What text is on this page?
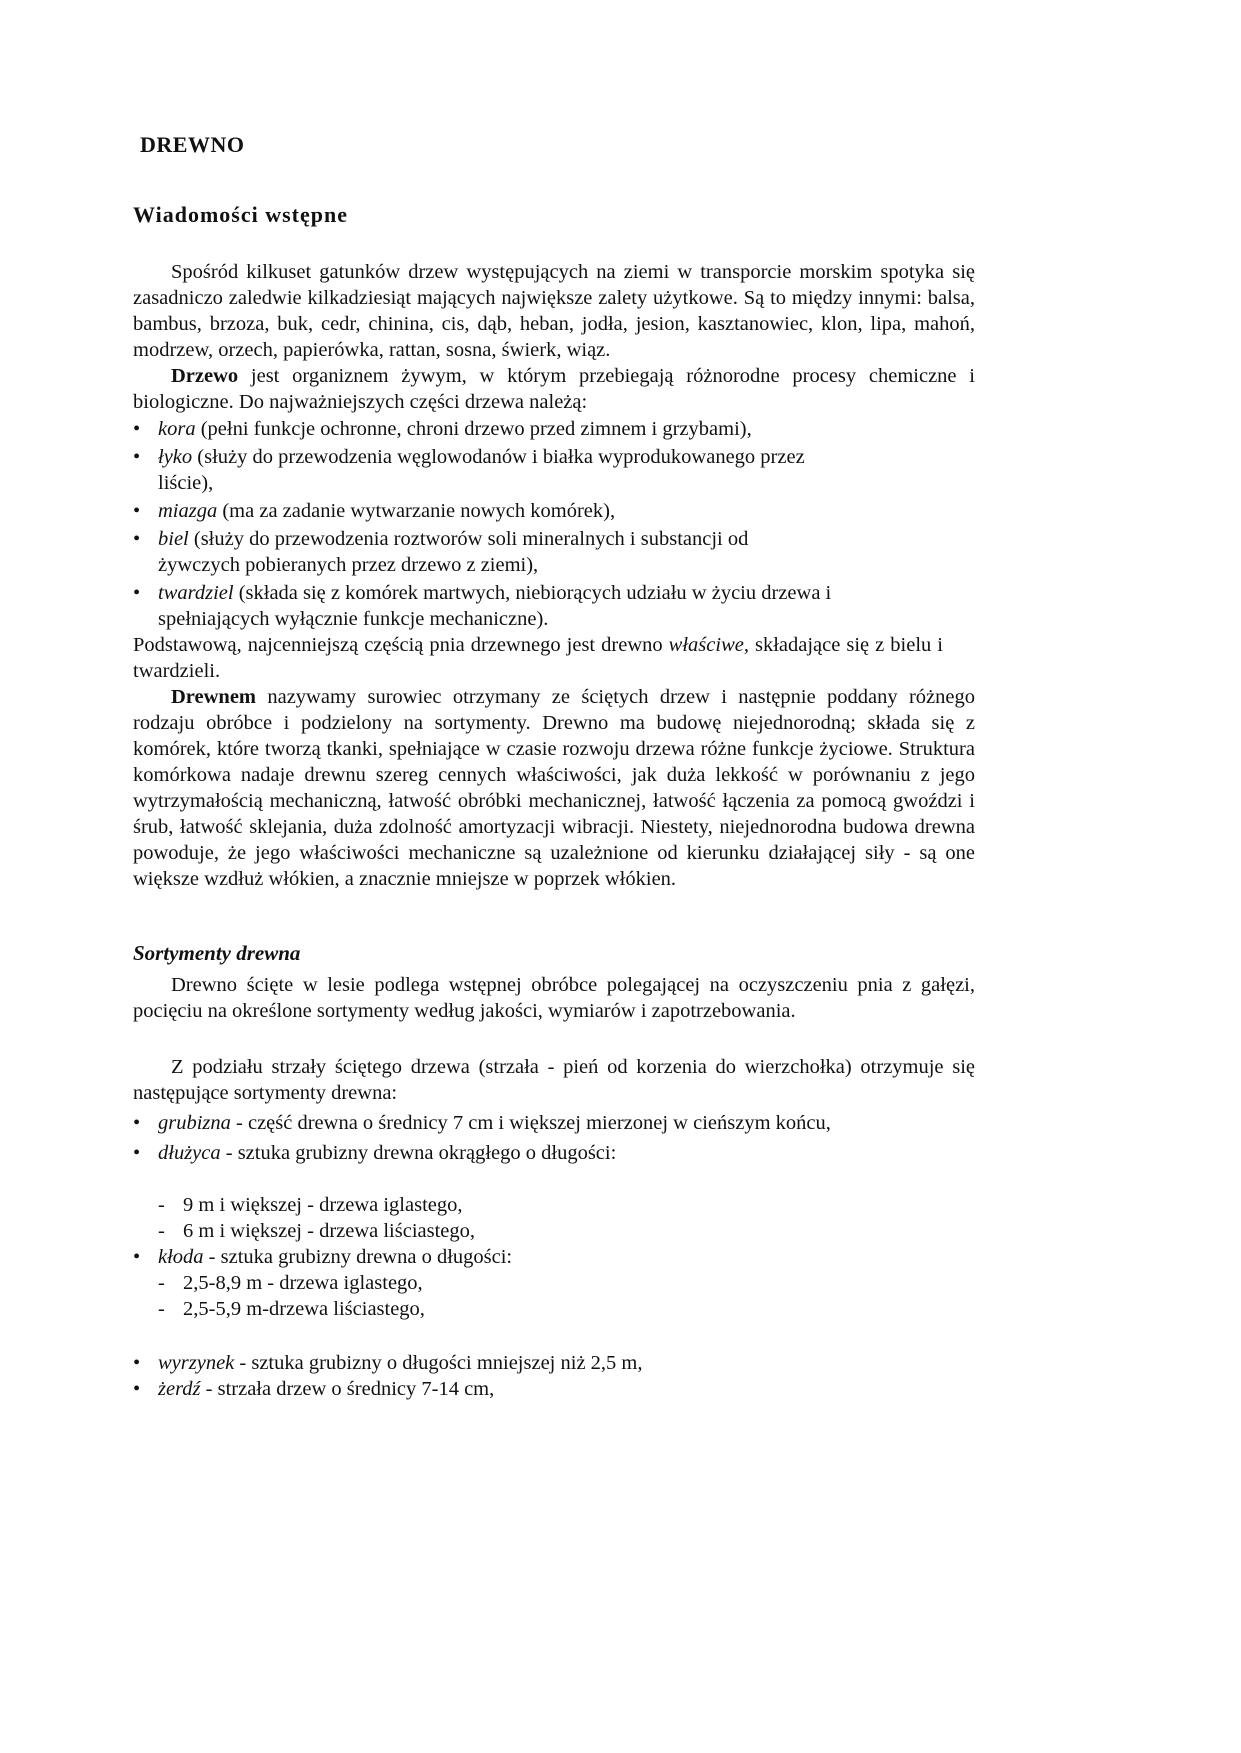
DREWNO
Wiadomości wstępne

Spośród kilkuset gatunków drzew występujących na ziemi w transporcie morskim spotyka się zasadniczo zaledwie kilkadziesiąt mających największe zalety użytkowe. Są to między innymi: balsa, bambus, brzoza, buk, cedr, chinina, cis, dąb, heban, jodła, jesion, kasztanowiec, klon, lipa, mahoń, modrzew, orzech, papierówka, rattan, sosna, świerk, wiąz.

Drzewo jest organiznem żywym, w którym przebiegają różnorodne procesy chemiczne i biologiczne. Do najważniejszych części drzewa należą:

• kora (pełni funkcje ochronne, chroni drzewo przed zimnem i grzybami),
• łyko (służy do przewodzenia węglowodanów i białka wyprodukowanego przez liście),
• miazga (ma za zadanie wytwarzanie nowych komórek),
• biel (służy do przewodzenia roztworów soli mineralnych i substancji od żywczych pobieranych przez drzewo z ziemi),
• twardziel (składa się z komórek martwych, niebiorących udziału w życiu drzewa i spełniających wyłącznie funkcje mechaniczne).

Podstawową, najcenniejszą częścią pnia drzewnego jest drewno właściwe, składające się z bielu i twardzieli.

Drewnem nazywamy surowiec otrzymany ze ściętych drzew i następnie poddany różnego rodzaju obróbce i podzielony na sortymenty. Drewno ma budowę niejednorodną; składa się z komórek, które tworzą tkanki, spełniające w czasie rozwoju drzewa różne funkcje życiowe. Struktura komórkowa nadaje drewnu szereg cennych właściwości, jak duża lekkość w porównaniu z jego wytrzymałością mechaniczną, łatwość obróbki mechanicznej, łatwość łączenia za pomocą gwoździ i śrub, łatwość sklejania, duża zdolność amortyzacji wibracji. Niestety, niejednorodna budowa drewna powoduje, że jego właściwości mechaniczne są uzależnione od kierunku działającej siły - są one większe wzdłuż włókien, a znacznie mniejsze w poprzek włókien.

Sortymenty drewna

Drewno ścięte w lesie podlega wstępnej obróbce polegającej na oczyszczeniu pnia z gałęzi, pocięciu na określone sortymenty według jakości, wymiarów i zapotrzebowania.

Z podziału strzały ściętego drzewa (strzała - pień od korzenia do wierzchołka) otrzymuje się następujące sortymenty drewna:

• grubizna - część drewna o średnicy 7 cm i większej mierzonej w cieńszym końcu,
• dłużyca - sztuka grubizny drewna okrągłego o długości:
- 9 m i większej - drzewa iglastego,
- 6 m i większej - drzewa liściastego,
• kłoda - sztuka grubizny drewna o długości:
- 2,5-8,9 m - drzewa iglastego,
- 2,5-5,9 m-drzewa liściastego,
• wyrzynek - sztuka grubizny o długości mniejszej niż 2,5 m,
• żerdź - strzała drzew o średnicy 7-14 cm,
